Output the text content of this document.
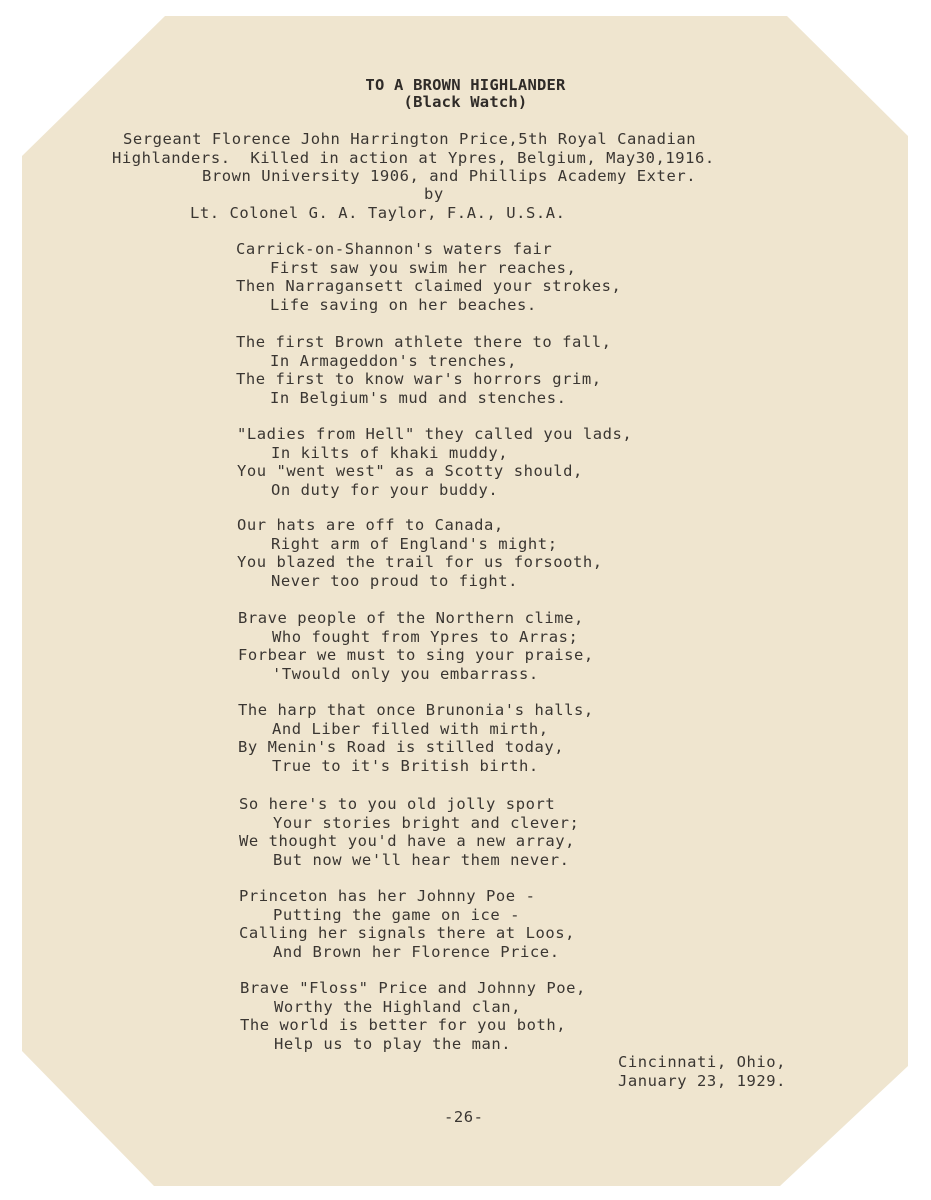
TO A BROWN HIGHLANDER
(Black Watch)
Sergeant Florence John Harrington Price,5th Royal Canadian
Highlanders.  Killed in action at Ypres, Belgium, May30,1916.
Brown University 1906, and Phillips Academy Exter.
by
Lt. Colonel G. A. Taylor, F.A., U.S.A.
Carrick-on-Shannon's waters fair
First saw you swim her reaches,
Then Narragansett claimed your strokes,
Life saving on her beaches.
The first Brown athlete there to fall,
In Armageddon's trenches,
The first to know war's horrors grim,
In Belgium's mud and stenches.
"Ladies from Hell" they called you lads,
In kilts of khaki muddy,
You "went west" as a Scotty should,
On duty for your buddy.
Our hats are off to Canada,
Right arm of England's might;
You blazed the trail for us forsooth,
Never too proud to fight.
Brave people of the Northern clime,
Who fought from Ypres to Arras;
Forbear we must to sing your praise,
'Twould only you embarrass.
The harp that once Brunonia's halls,
And Liber filled with mirth,
By Menin's Road is stilled today,
True to it's British birth.
So here's to you old jolly sport
Your stories bright and clever;
We thought you'd have a new array,
But now we'll hear them never.
Princeton has her Johnny Poe -
Putting the game on ice -
Calling her signals there at Loos,
And Brown her Florence Price.
Brave "Floss" Price and Johnny Poe,
Worthy the Highland clan,
The world is better for you both,
Help us to play the man.
Cincinnati, Ohio,
January 23, 1929.
-26-
